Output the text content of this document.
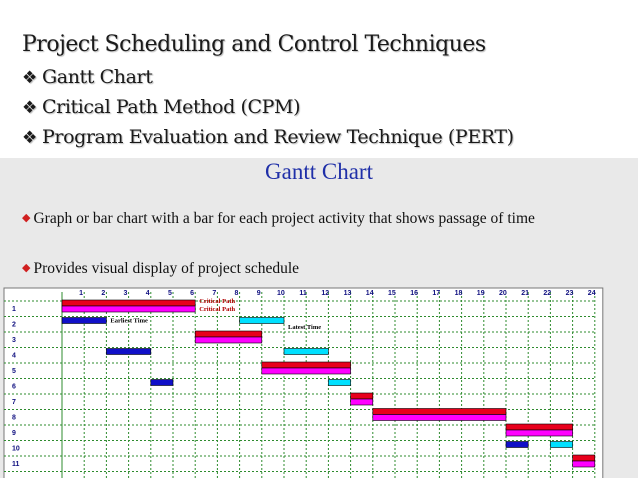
Project Scheduling and Control Techniques
❖ Gantt Chart
❖ Critical Path Method (CPM)
❖ Program Evaluation and Review Technique (PERT)
Gantt Chart
◆ Graph or bar chart with a bar for each project activity that shows passage of time
◆ Provides visual display of project schedule
1	2	3	4	5	6	7	8	9 10 11 12 13 14 15 16 17 18 19 20 21 22 23 24
1
2
3
4
5
6
7
8
9
10
11
Critical Path
Critical Path
Earliest Time
Latest Time
